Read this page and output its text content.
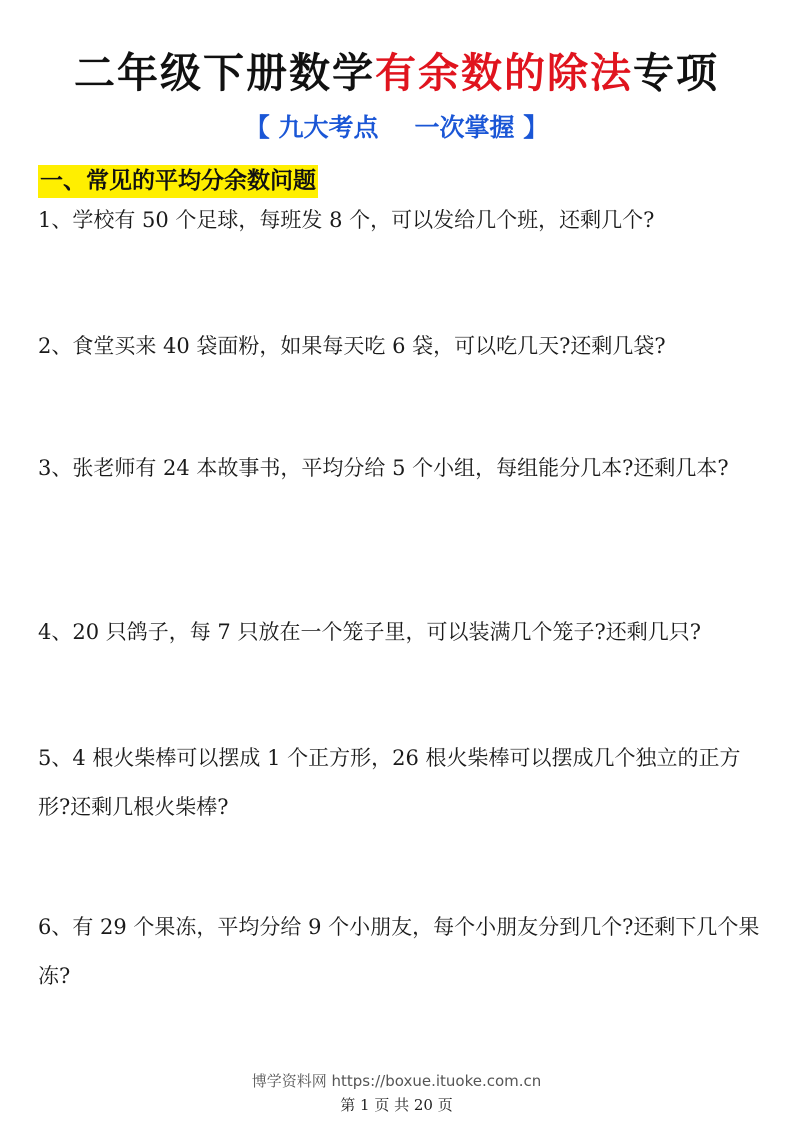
二年级下册数学有余数的除法专项
【 九大考点 一次掌握 】
一、常见的平均分余数问题
1、学校有 50 个足球，每班发 8 个，可以发给几个班，还剩几个?
2、食堂买来 40 袋面粉，如果每天吃 6 袋，可以吃几天?还剩几袋?
3、张老师有 24 本故事书，平均分给 5 个小组，每组能分几本?还剩几本?
4、20 只鸽子，每 7 只放在一个笼子里，可以装满几个笼子?还剩几只?
5、4 根火柴棒可以摆成 1 个正方形，26 根火柴棒可以摆成几个独立的正方形?还剩几根火柴棒?
6、有 29 个果冻，平均分给 9 个小朋友，每个小朋友分到几个?还剩下几个果冻?
博学资料网 https://boxue.ituoke.com.cn
第 1 页 共 20 页
